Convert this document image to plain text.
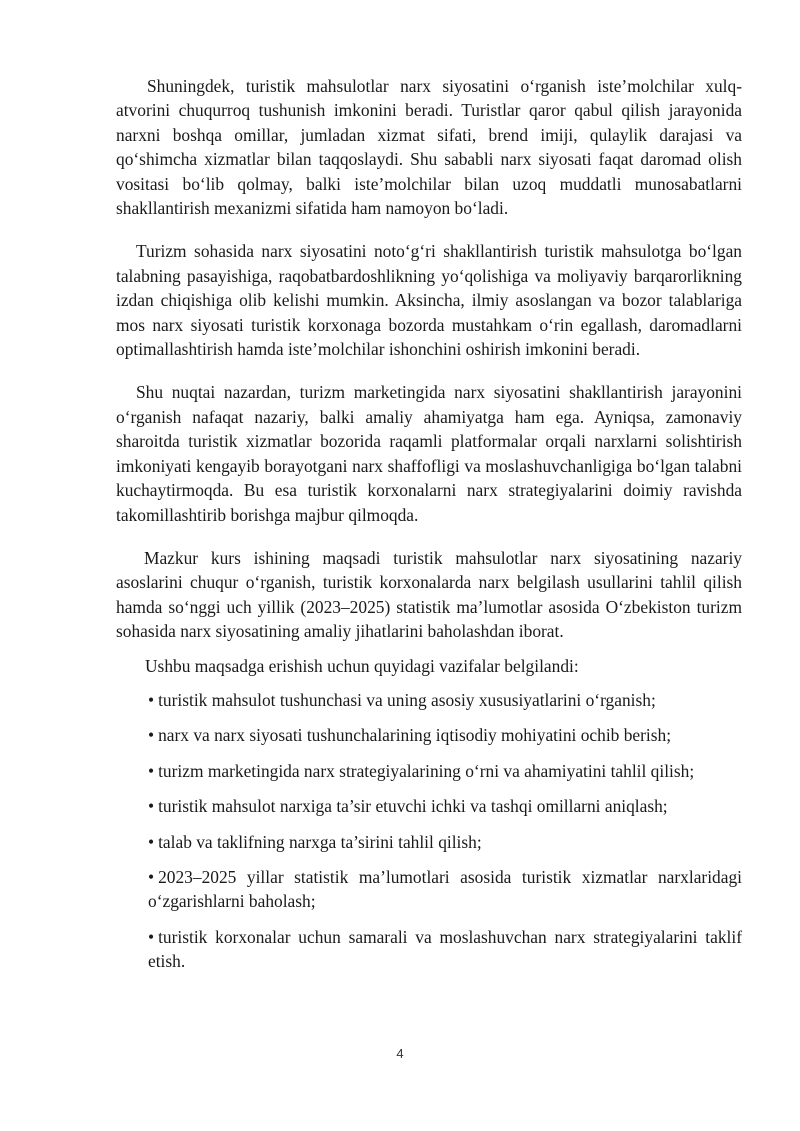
Shuningdek, turistik mahsulotlar narx siyosatini o‘rganish iste’molchilar xulq-atvorini chuqurroq tushunish imkonini beradi. Turistlar qaror qabul qilish jarayonida narxni boshqa omillar, jumladan xizmat sifati, brend imiji, qulaylik darajasi va qo‘shimcha xizmatlar bilan taqqoslaydi. Shu sababli narx siyosati faqat daromad olish vositasi bo‘lib qolmay, balki iste’molchilar bilan uzoq muddatli munosabatlarni shakllantirish mexanizmi sifatida ham namoyon bo‘ladi.

Turizm sohasida narx siyosatini noto‘g‘ri shakllantirish turistik mahsulotga bo‘lgan talabning pasayishiga, raqobatbardoshlikning yo‘qolishiga va moliyaviy barqarorlikning izdan chiqishiga olib kelishi mumkin. Aksincha, ilmiy asoslangan va bozor talablariga mos narx siyosati turistik korxonaga bozorda mustahkam o‘rin egallash, daromadlarni optimallashtirish hamda iste’molchilar ishonchini oshirish imkonini beradi.

Shu nuqtai nazardan, turizm marketingida narx siyosatini shakllantirish jarayonini o‘rganish nafaqat nazariy, balki amaliy ahamiyatga ham ega. Ayniqsa, zamonaviy sharoitda turistik xizmatlar bozorida raqamli platformalar orqali narxlarni solishtirish imkoniyati kengayib borayotgani narx shaffofligi va moslashuvchanligiga bo‘lgan talabni kuchaytirmoqda. Bu esa turistik korxonalarni narx strategiyalarini doimiy ravishda takomillashtirib borishga majbur qilmoqda.

Mazkur kurs ishining maqsadi turistik mahsulotlar narx siyosatining nazariy asoslarini chuqur o‘rganish, turistik korxonalarda narx belgilash usullarini tahlil qilish hamda so‘nggi uch yillik (2023–2025) statistik ma’lumotlar asosida O‘zbekiston turizm sohasida narx siyosatining amaliy jihatlarini baholashdan iborat.

Ushbu maqsadga erishish uchun quyidagi vazifalar belgilandi:
• turistik mahsulot tushunchasi va uning asosiy xususiyatlarini o‘rganish;
• narx va narx siyosati tushunchalarining iqtisodiy mohiyatini ochib berish;
• turizm marketingida narx strategiyalarining o‘rni va ahamiyatini tahlil qilish;
• turistik mahsulot narxiga ta’sir etuvchi ichki va tashqi omillarni aniqlash;
• talab va taklifning narxga ta’sirini tahlil qilish;
• 2023–2025 yillar statistik ma’lumotlari asosida turistik xizmatlar narxlaridagi o‘zgarishlarni baholash;
• turistik korxonalar uchun samarali va moslashuvchan narx strategiyalarini taklif etish.
4
